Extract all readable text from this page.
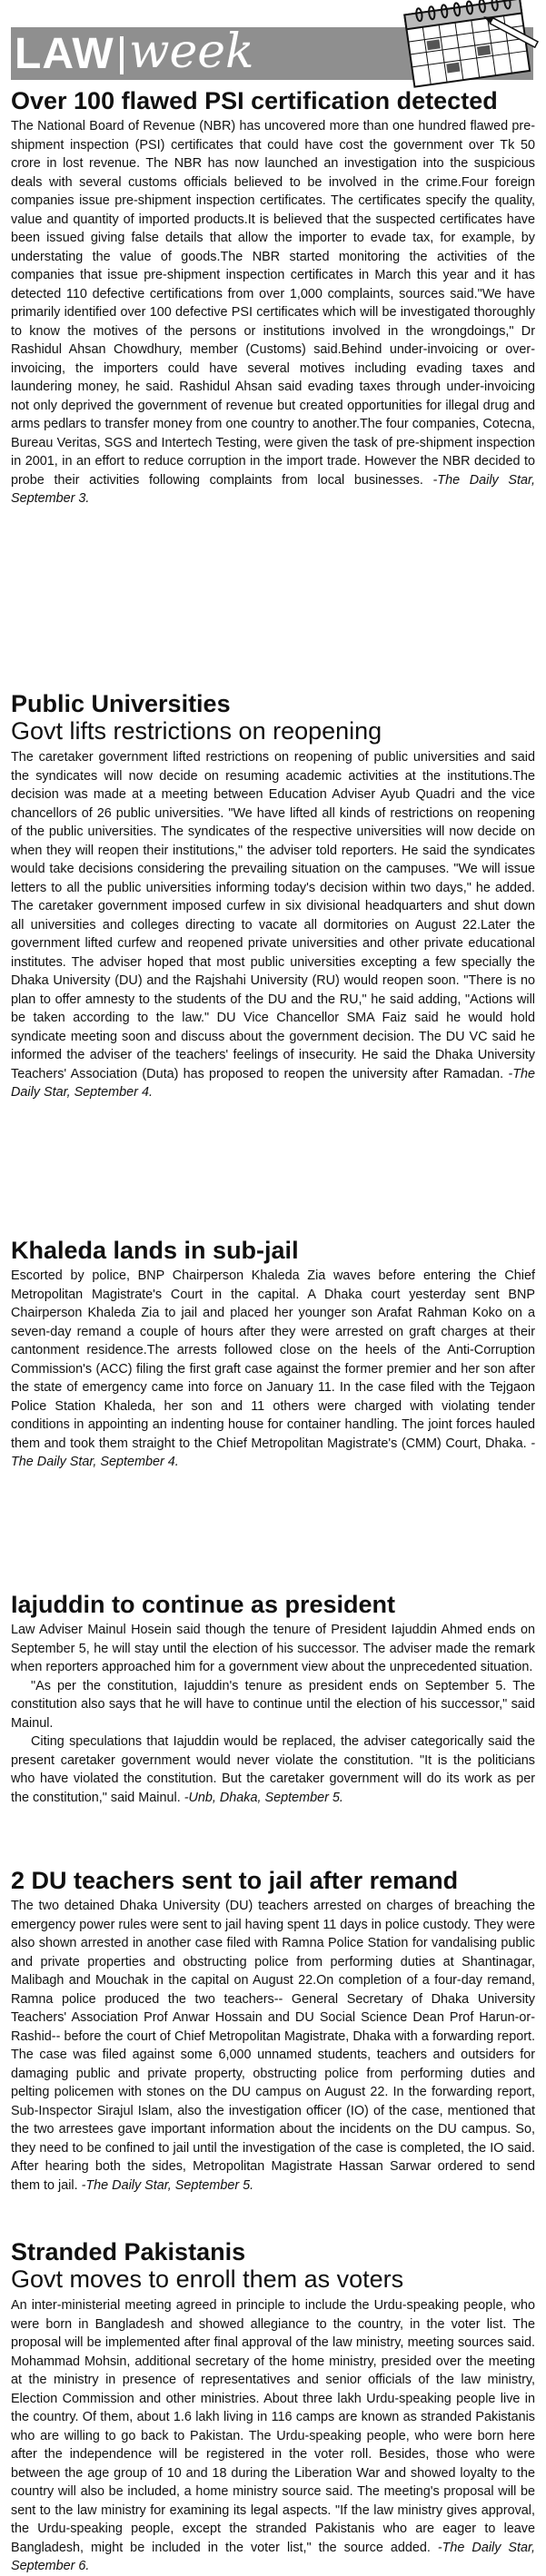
LAW week
Over 100 flawed PSI certification detected

The National Board of Revenue (NBR) has uncovered more than one hundred flawed pre-shipment inspection (PSI) certificates that could have cost the government over Tk 50 crore in lost revenue. The NBR has now launched an investigation into the suspicious deals with several customs officials believed to be involved in the crime.Four foreign companies issue pre-shipment inspection certificates. The certificates specify the quality, value and quantity of imported products.It is believed that the suspected certificates have been issued giving false details that allow the importer to evade tax, for example, by understating the value of goods.The NBR started monitoring the activities of the companies that issue pre-shipment inspection certificates in March this year and it has detected 110 defective certifications from over 1,000 complaints, sources said."We have primarily identified over 100 defective PSI certificates which will be investigated thoroughly to know the motives of the persons or institutions involved in the wrongdoings," Dr Rashidul Ahsan Chowdhury, member (Customs) said.Behind under-invoicing or over-invoicing, the importers could have several motives including evading taxes and laundering money, he said. Rashidul Ahsan said evading taxes through under-invoicing not only deprived the government of revenue but created opportunities for illegal drug and arms pedlars to transfer money from one country to another.The four companies, Cotecna, Bureau Veritas, SGS and Intertech Testing, were given the task of pre-shipment inspection in 2001, in an effort to reduce corruption in the import trade. However the NBR decided to probe their activities following complaints from local businesses. -The Daily Star, September 3.

Public Universities
Govt lifts restrictions on reopening

The caretaker government lifted restrictions on reopening of public universities and said the syndicates will now decide on resuming academic activities at the institutions.The decision was made at a meeting between Education Adviser Ayub Quadri and the vice chancellors of 26 public universities. "We have lifted all kinds of restrictions on reopening of the public universities. The syndicates of the respective universities will now decide on when they will reopen their institutions," the adviser told reporters. He said the syndicates would take decisions considering the prevailing situation on the campuses. "We will issue letters to all the public universities informing today's decision within two days," he added. The caretaker government imposed curfew in six divisional headquarters and shut down all universities and colleges directing to vacate all dormitories on August 22.Later the government lifted curfew and reopened private universities and other private educational institutes. The adviser hoped that most public universities excepting a few specially the Dhaka University (DU) and the Rajshahi University (RU) would reopen soon. "There is no plan to offer amnesty to the students of the DU and the RU," he said adding, "Actions will be taken according to the law." DU Vice Chancellor SMA Faiz said he would hold syndicate meeting soon and discuss about the government decision. The DU VC said he informed the adviser of the teachers' feelings of insecurity. He said the Dhaka University Teachers' Association (Duta) has proposed to reopen the university after Ramadan. -The Daily Star, September 4.

Khaleda lands in sub-jail

Escorted by police, BNP Chairperson Khaleda Zia waves before entering the Chief Metropolitan Magistrate's Court in the capital. A Dhaka court yesterday sent BNP Chairperson Khaleda Zia to jail and placed her younger son Arafat Rahman Koko on a seven-day remand a couple of hours after they were arrested on graft charges at their cantonment residence.The arrests followed close on the heels of the Anti-Corruption Commission's (ACC) filing the first graft case against the former premier and her son after the state of emergency came into force on January 11. In the case filed with the Tejgaon Police Station Khaleda, her son and 11 others were charged with violating tender conditions in appointing an indenting house for container handling. The joint forces hauled them and took them straight to the Chief Metropolitan Magistrate's (CMM) Court, Dhaka. -The Daily Star, September 4.

Iajuddin to continue as president

Law Adviser Mainul Hosein said though the tenure of President Iajuddin Ahmed ends on September 5, he will stay until the election of his successor. The adviser made the remark when reporters approached him for a government view about the unprecedented situation.

"As per the constitution, Iajuddin's tenure as president ends on September 5. The constitution also says that he will have to continue until the election of his successor," said Mainul.

Citing speculations that Iajuddin would be replaced, the adviser categorically said the present caretaker government would never violate the constitution. "It is the politicians who have violated the constitution. But the caretaker government will do its work as per the constitution," said Mainul. -Unb, Dhaka, September 5.

2 DU teachers sent to jail after remand

The two detained Dhaka University (DU) teachers arrested on charges of breaching the emergency power rules were sent to jail having spent 11 days in police custody. They were also shown arrested in another case filed with Ramna Police Station for vandalising public and private properties and obstructing police from performing duties at Shantinagar, Malibagh and Mouchak in the capital on August 22.On completion of a four-day remand, Ramna police produced the two teachers-- General Secretary of Dhaka University Teachers' Association Prof Anwar Hossain and DU Social Science Dean Prof Harun-or-Rashid-- before the court of Chief Metropolitan Magistrate, Dhaka with a forwarding report. The case was filed against some 6,000 unnamed students, teachers and outsiders for damaging public and private property, obstructing police from performing duties and pelting policemen with stones on the DU campus on August 22. In the forwarding report, Sub-Inspector Sirajul Islam, also the investigation officer (IO) of the case, mentioned that the two arrestees gave important information about the incidents on the DU campus. So, they need to be confined to jail until the investigation of the case is completed, the IO said. After hearing both the sides, Metropolitan Magistrate Hassan Sarwar ordered to send them to jail. -The Daily Star, September 5.

Stranded Pakistanis
Govt moves to enroll them as voters

An inter-ministerial meeting agreed in principle to include the Urdu-speaking people, who were born in Bangladesh and showed allegiance to the country, in the voter list. The proposal will be implemented after final approval of the law ministry, meeting sources said. Mohammad Mohsin, additional secretary of the home ministry, presided over the meeting at the ministry in presence of representatives and senior officials of the law ministry, Election Commission and other ministries. About three lakh Urdu-speaking people live in the country. Of them, about 1.6 lakh living in 116 camps are known as stranded Pakistanis who are willing to go back to Pakistan. The Urdu-speaking people, who were born here after the independence will be registered in the voter roll. Besides, those who were between the age group of 10 and 18 during the Liberation War and showed loyalty to the country will also be included, a home ministry source said. The meeting's proposal will be sent to the law ministry for examining its legal aspects. "If the law ministry gives approval, the Urdu-speaking people, except the stranded Pakistanis who are eager to leave Bangladesh, might be included in the voter list," the source added. -The Daily Star, September 6.
